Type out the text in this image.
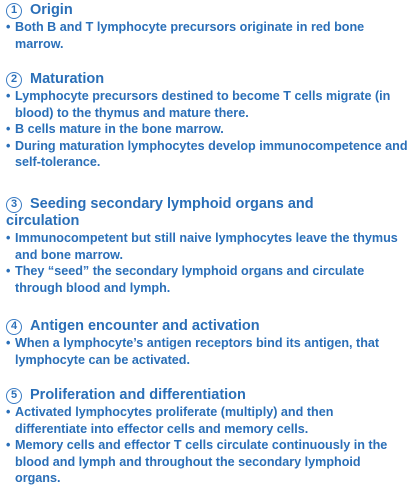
1 Origin
• Both B and T lymphocyte precursors originate in red bone marrow.
2 Maturation
• Lymphocyte precursors destined to become T cells migrate (in blood) to the thymus and mature there.
• B cells mature in the bone marrow.
• During maturation lymphocytes develop immunocompetence and self-tolerance.
3 Seeding secondary lymphoid organs and
circulation
• Immunocompetent but still naive lymphocytes leave the thymus and bone marrow.
• They “seed” the secondary lymphoid organs and circulate through blood and lymph.
4 Antigen encounter and activation
• When a lymphocyte’s antigen receptors bind its antigen, that lymphocyte can be activated.
5 Proliferation and differentiation
• Activated lymphocytes proliferate (multiply) and then differentiate into effector cells and memory cells.
• Memory cells and effector T cells circulate continuously in the blood and lymph and throughout the secondary lymphoid organs.
